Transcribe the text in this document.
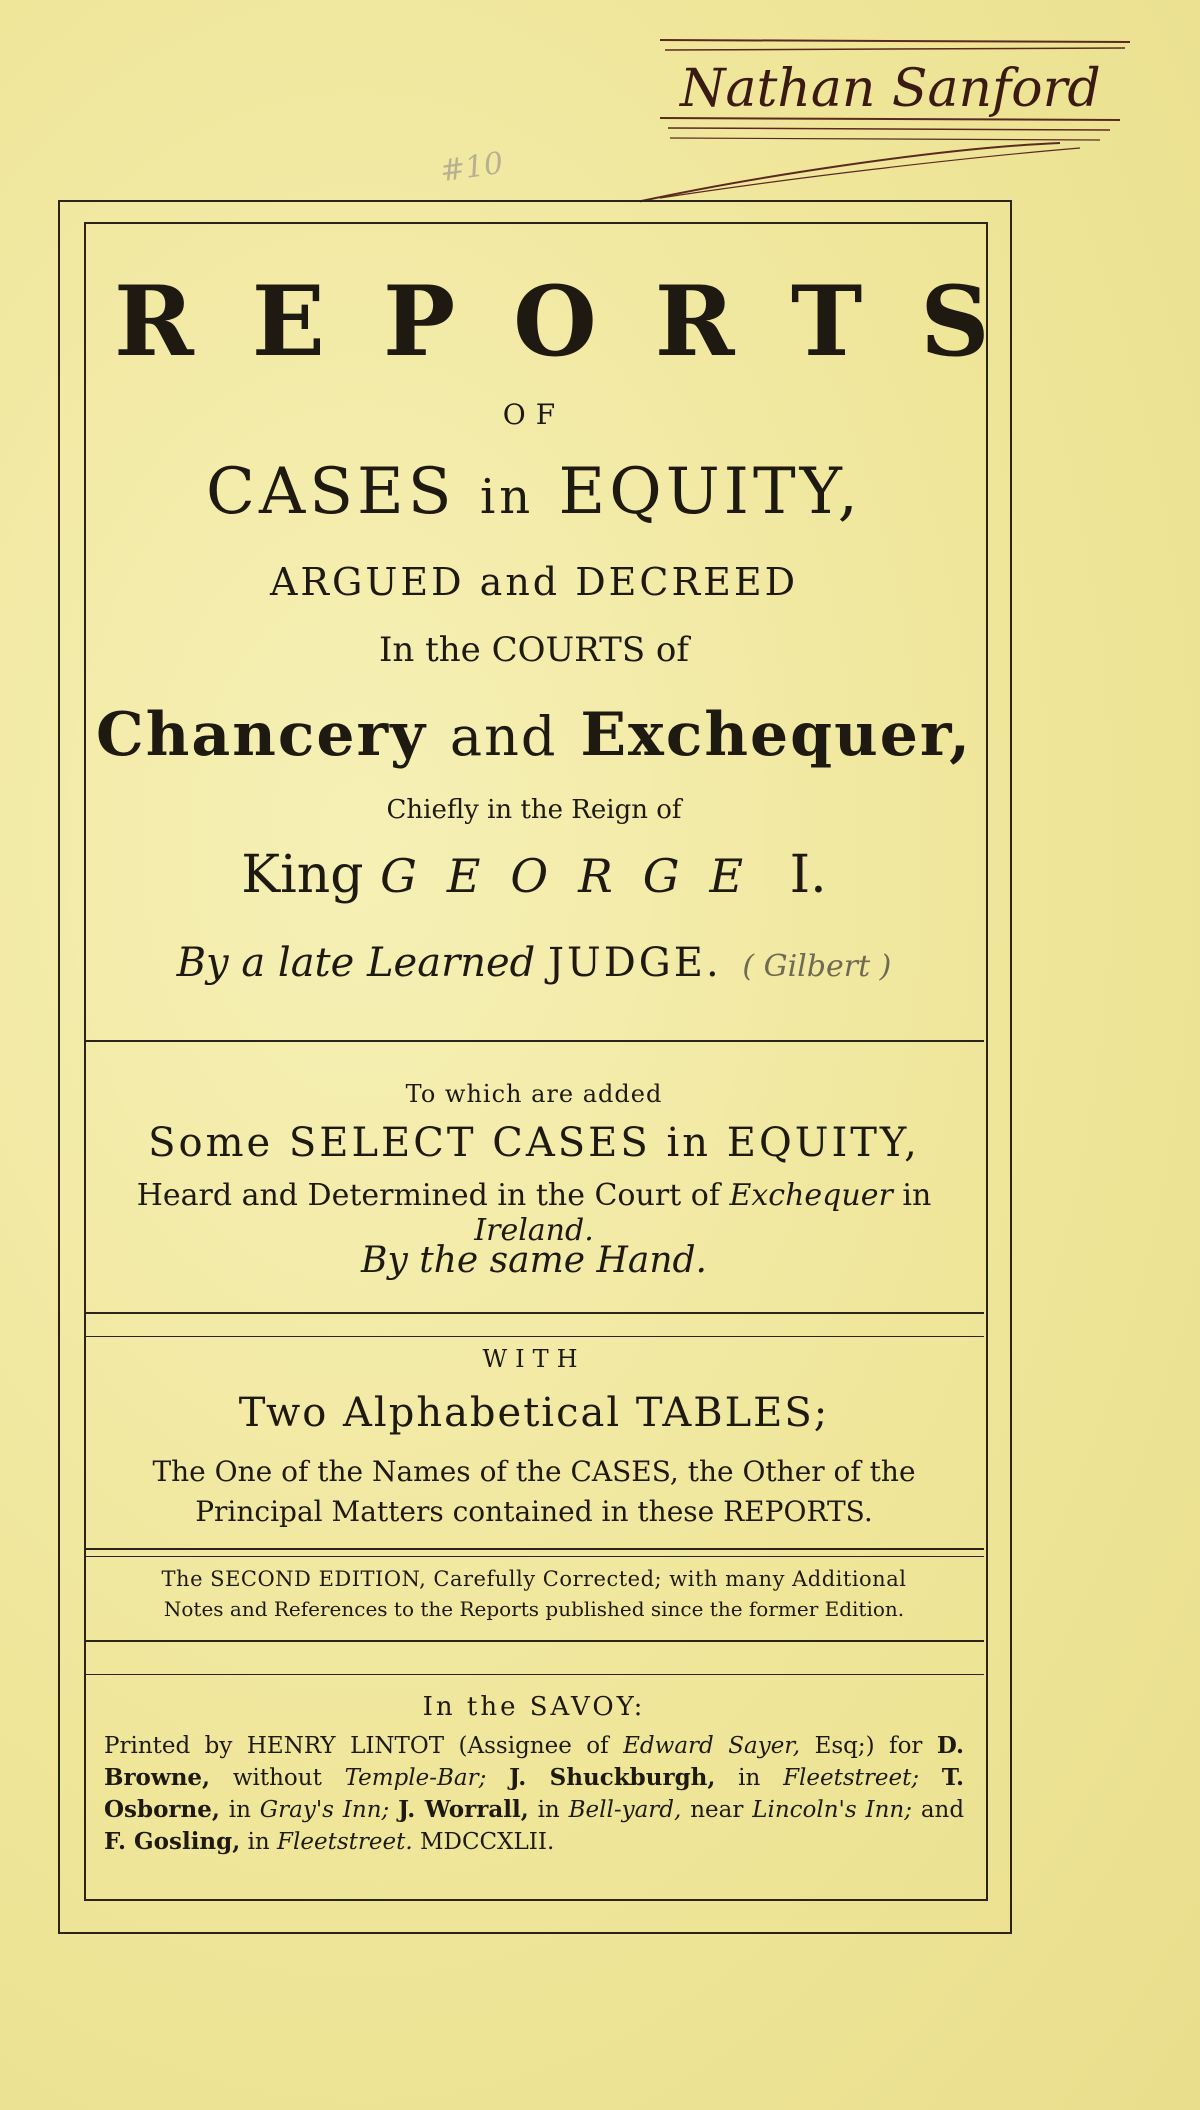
Nathan Sanford
#10
REPORTS
OF
CASES in EQUITY,
ARGUED and DECREED
In the COURTS of
Chancery and Exchequer,
Chiefly in the Reign of
King GEORGE I.
By a late Learned JUDGE. ( Gilbert )
To which are added
Some SELECT CASES in EQUITY,
Heard and Determined in the Court of Exchequer in Ireland.
By the same Hand.
WITH
Two Alphabetical TABLES;
The One of the Names of the CASES, the Other of the
Principal Matters contained in these REPORTS.
The SECOND EDITION, Carefully Corrected; with many Additional
Notes and References to the Reports published since the former Edition.
In the SAVOY:
Printed by HENRY LINTOT (Assignee of Edward Sayer, Esq;) for D. Browne, without Temple-Bar; J. Shuckburgh, in Fleetstreet; T. Osborne, in Gray's Inn; J. Worrall, in Bell-yard, near Lincoln's Inn; and F. Gosling, in Fleetstreet. MDCCXLII.
